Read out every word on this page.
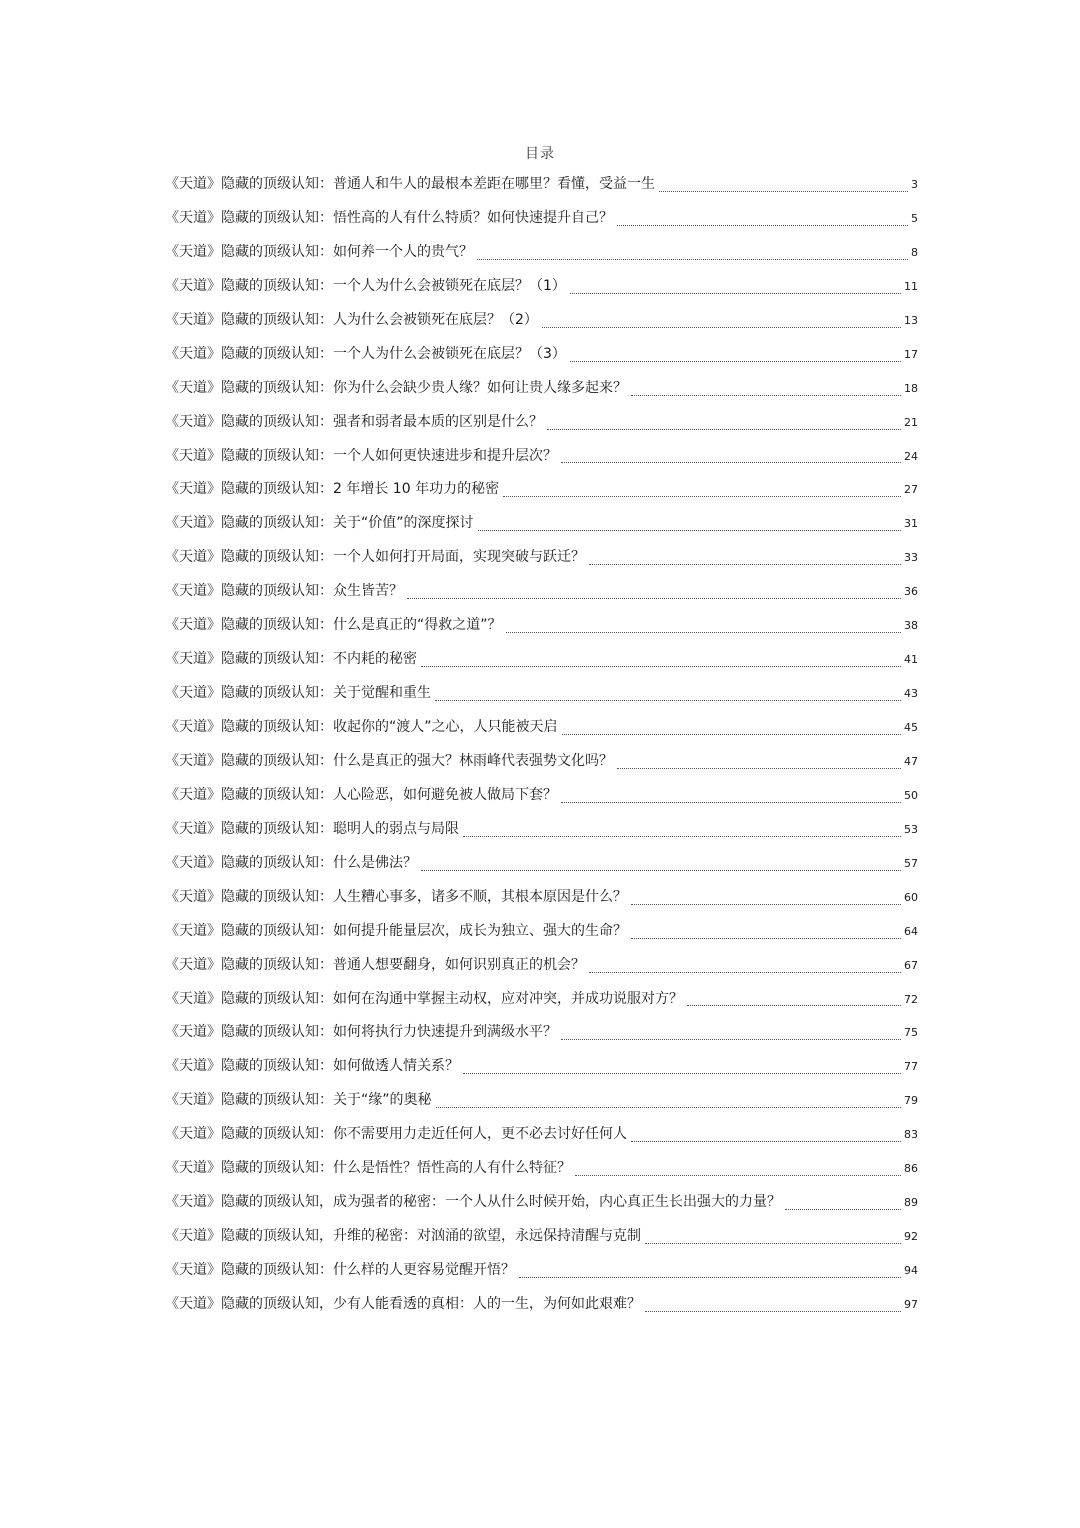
目录
《天道》隐藏的顶级认知：普通人和牛人的最根本差距在哪里？看懂，受益一生	3
《天道》隐藏的顶级认知：悟性高的人有什么特质？如何快速提升自己？	5
《天道》隐藏的顶级认知：如何养一个人的贵气？	8
《天道》隐藏的顶级认知：一个人为什么会被锁死在底层？（1）	11
《天道》隐藏的顶级认知：人为什么会被锁死在底层？（2）	13
《天道》隐藏的顶级认知：一个人为什么会被锁死在底层？（3）	17
《天道》隐藏的顶级认知：你为什么会缺少贵人缘？如何让贵人缘多起来？	18
《天道》隐藏的顶级认知：强者和弱者最本质的区别是什么？	21
《天道》隐藏的顶级认知：一个人如何更快速进步和提升层次？	24
《天道》隐藏的顶级认知：2 年增长 10 年功力的秘密	27
《天道》隐藏的顶级认知：关于“价值”的深度探讨	31
《天道》隐藏的顶级认知：一个人如何打开局面，实现突破与跃迁？	33
《天道》隐藏的顶级认知：众生皆苦？	36
《天道》隐藏的顶级认知：什么是真正的“得救之道”？	38
《天道》隐藏的顶级认知：不内耗的秘密	41
《天道》隐藏的顶级认知：关于觉醒和重生	43
《天道》隐藏的顶级认知：收起你的“渡人”之心，人只能被天启	45
《天道》隐藏的顶级认知：什么是真正的强大？林雨峰代表强势文化吗？	47
《天道》隐藏的顶级认知：人心险恶，如何避免被人做局下套？	50
《天道》隐藏的顶级认知：聪明人的弱点与局限	53
《天道》隐藏的顶级认知：什么是佛法？	57
《天道》隐藏的顶级认知：人生糟心事多，诸多不顺，其根本原因是什么？	60
《天道》隐藏的顶级认知：如何提升能量层次，成长为独立、强大的生命？	64
《天道》隐藏的顶级认知：普通人想要翻身，如何识别真正的机会？	67
《天道》隐藏的顶级认知：如何在沟通中掌握主动权，应对冲突，并成功说服对方？	72
《天道》隐藏的顶级认知：如何将执行力快速提升到满级水平？	75
《天道》隐藏的顶级认知：如何做透人情关系？	77
《天道》隐藏的顶级认知：关于“缘”的奥秘	79
《天道》隐藏的顶级认知：你不需要用力走近任何人，更不必去讨好任何人	83
《天道》隐藏的顶级认知：什么是悟性？悟性高的人有什么特征？	86
《天道》隐藏的顶级认知，成为强者的秘密：一个人从什么时候开始，内心真正生长出强大的力量？	89
《天道》隐藏的顶级认知，升维的秘密：对汹涌的欲望，永远保持清醒与克制	92
《天道》隐藏的顶级认知：什么样的人更容易觉醒开悟？	94
《天道》隐藏的顶级认知，少有人能看透的真相：人的一生，为何如此艰难？	97
